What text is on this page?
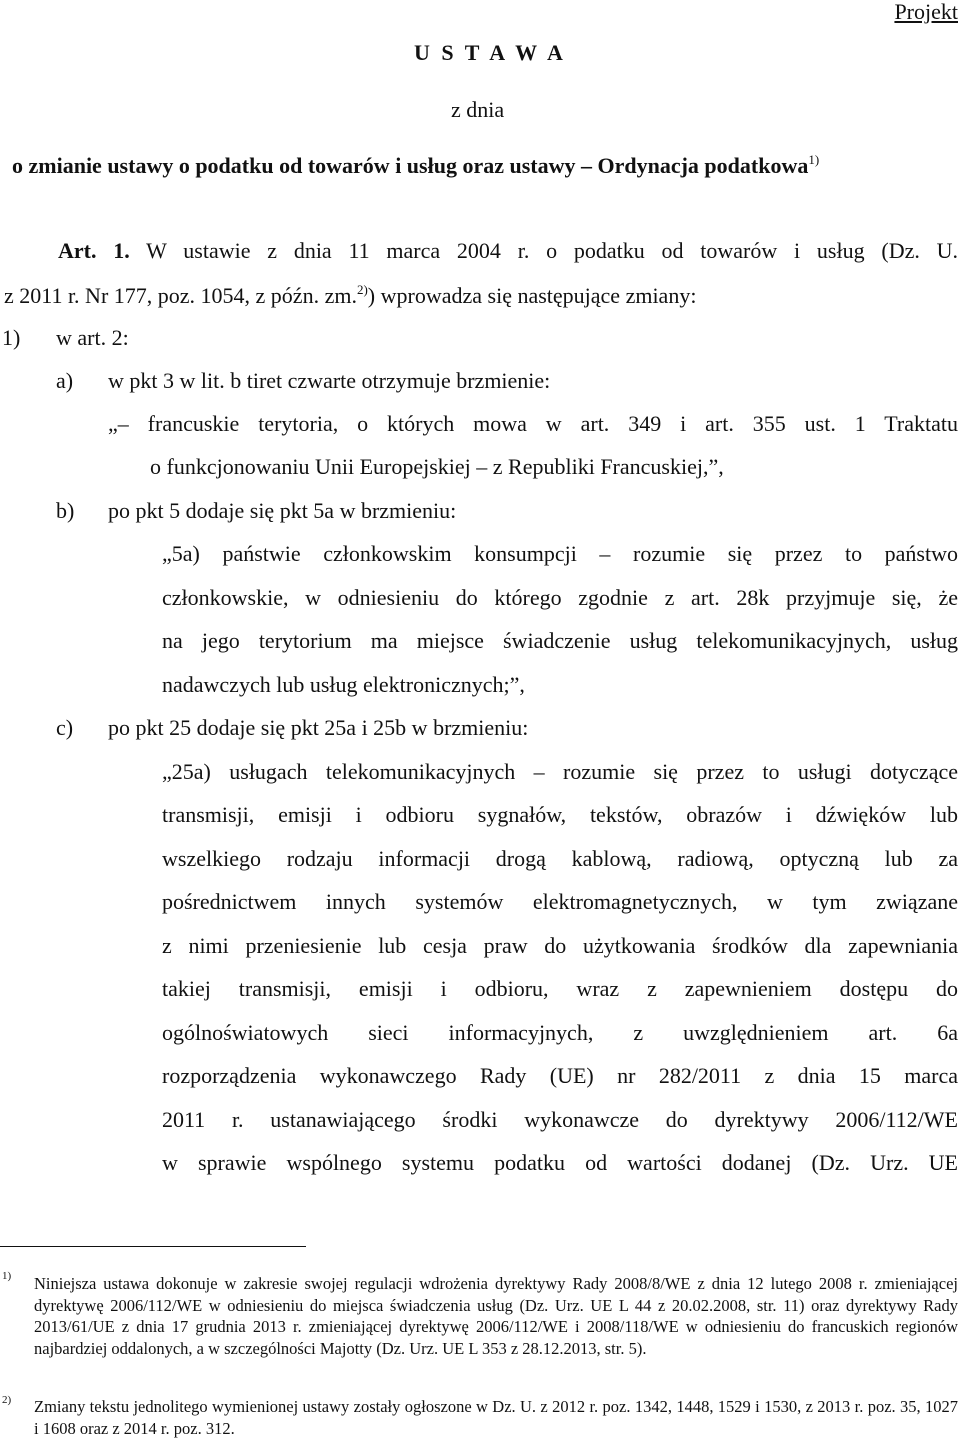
Projekt
U S T A W A
z dnia
o zmianie ustawy o podatku od towarów i usług oraz ustawy – Ordynacja podatkowa$^{1)}$
Art. 1. W ustawie z dnia 11 marca 2004 r. o podatku od towarów i usług (Dz. U.
z 2011 r. Nr 177, poz. 1054, z późn. zm.$^{2)}$) wprowadza się następujące zmiany:
1) w art. 2:
a) w pkt 3 w lit. b tiret czwarte otrzymuje brzmienie:
„– francuskie terytoria, o których mowa w art. 349 i art. 355 ust. 1 Traktatu
o funkcjonowaniu Unii Europejskiej – z Republiki Francuskiej,”,
b) po pkt 5 dodaje się pkt 5a w brzmieniu:
„5a) państwie członkowskim konsumpcji – rozumie się przez to państwo
członkowskie, w odniesieniu do którego zgodnie z art. 28k przyjmuje się, że
na jego terytorium ma miejsce świadczenie usług telekomunikacyjnych, usług
nadawczych lub usług elektronicznych;”,
c) po pkt 25 dodaje się pkt 25a i 25b w brzmieniu:
„25a) usługach telekomunikacyjnych – rozumie się przez to usługi dotyczące
transmisji, emisji i odbioru sygnałów, tekstów, obrazów i dźwięków lub
wszelkiego rodzaju informacji drogą kablową, radiową, optyczną lub za
pośrednictwem innych systemów elektromagnetycznych, w tym związane
z nimi przeniesienie lub cesja praw do użytkowania środków dla zapewniania
takiej transmisji, emisji i odbioru, wraz z zapewnieniem dostępu do
ogólnoświatowych sieci informacyjnych, z uwzględnieniem art. 6a
rozporządzenia wykonawczego Rady (UE) nr 282/2011 z dnia 15 marca
2011 r. ustanawiającego środki wykonawcze do dyrektywy 2006/112/WE
w sprawie wspólnego systemu podatku od wartości dodanej (Dz. Urz. UE
1) Niniejsza ustawa dokonuje w zakresie swojej regulacji wdrożenia dyrektywy Rady 2008/8/WE z dnia 12 lutego 2008 r. zmieniającej dyrektywę 2006/112/WE w odniesieniu do miejsca świadczenia usług (Dz. Urz. UE L 44 z 20.02.2008, str. 11) oraz dyrektywy Rady 2013/61/UE z dnia 17 grudnia 2013 r. zmieniającej dyrektywę 2006/112/WE i 2008/118/WE w odniesieniu do francuskich regionów najbardziej oddalonych, a w szczególności Majotty (Dz. Urz. UE L 353 z 28.12.2013, str. 5).
2) Zmiany tekstu jednolitego wymienionej ustawy zostały ogłoszone w Dz. U. z 2012 r. poz. 1342, 1448, 1529 i 1530, z 2013 r. poz. 35, 1027 i 1608 oraz z 2014 r. poz. 312.
